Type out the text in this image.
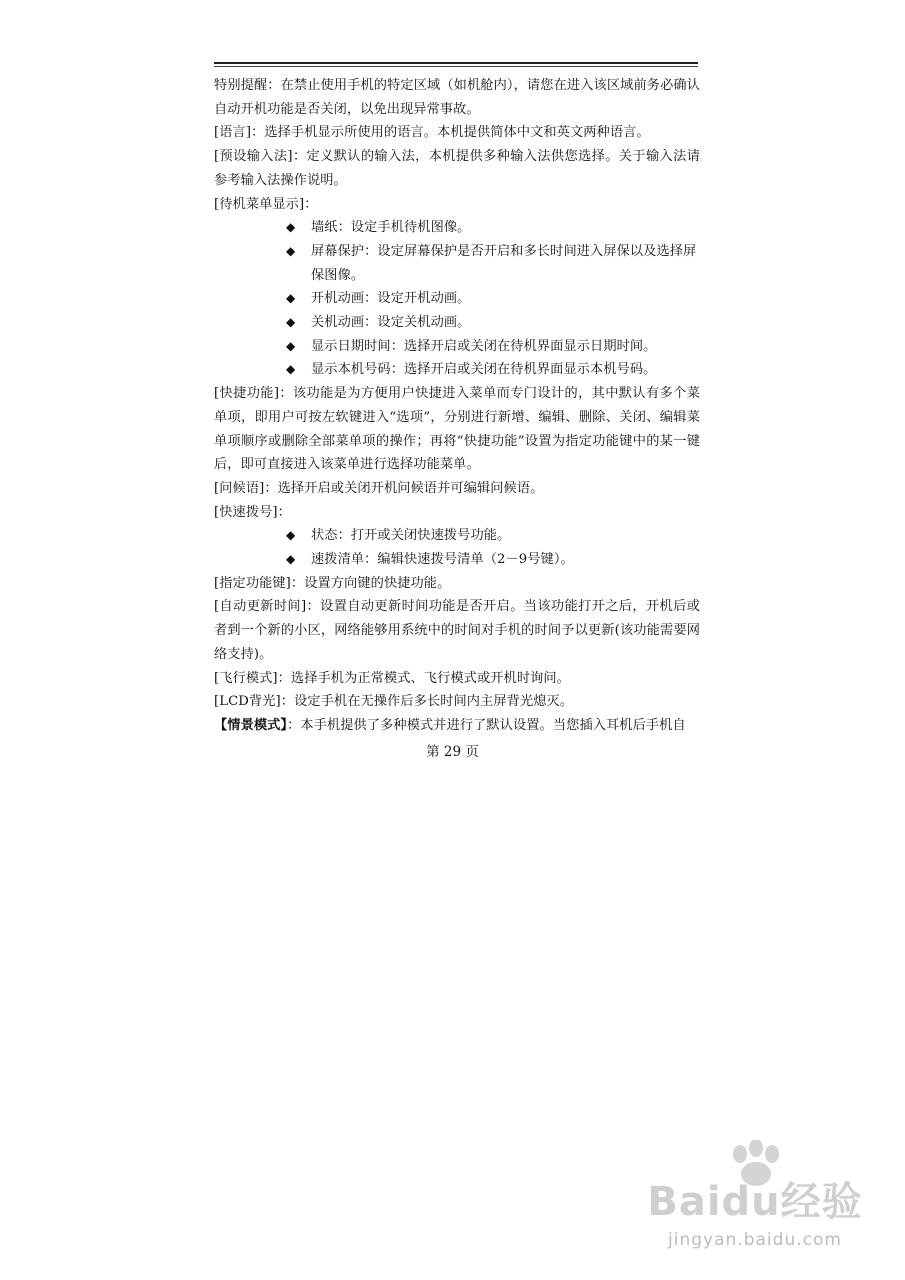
特别提醒：在禁止使用手机的特定区域（如机舱内），请您在进入该区域前务必确认自动开机功能是否关闭，以免出现异常事故。

[语言]：选择手机显示所使用的语言。本机提供简体中文和英文两种语言。

[预设输入法]：定义默认的输入法，本机提供多种输入法供您选择。关于输入法请参考输入法操作说明。

[待机菜单显示]：

◆ 墙纸：设定手机待机图像。

◆ 屏幕保护：设定屏幕保护是否开启和多长时间进入屏保以及选择屏保图像。

◆ 开机动画：设定开机动画。

◆ 关机动画：设定关机动画。

◆ 显示日期时间：选择开启或关闭在待机界面显示日期时间。

◆ 显示本机号码：选择开启或关闭在待机界面显示本机号码。

[快捷功能]：该功能是为方便用户快捷进入菜单而专门设计的，其中默认有多个菜单项，即用户可按左软键进入“选项”，分别进行新增、编辑、删除、关闭、编辑菜单项顺序或删除全部菜单项的操作；再将“快捷功能”设置为指定功能键中的某一键后，即可直接进入该菜单进行选择功能菜单。

[问候语]：选择开启或关闭开机问候语并可编辑问候语。

[快速拨号]：

◆ 状态：打开或关闭快速拨号功能。

◆ 速拨清单：编辑快速拨号清单（2－9号键）。

[指定功能键]：设置方向键的快捷功能。

[自动更新时间]：设置自动更新时间功能是否开启。当该功能打开之后，开机后或者到一个新的小区，网络能够用系统中的时间对手机的时间予以更新(该功能需要网络支持)。

[飞行模式]：选择手机为正常模式、飞行模式或开机时询问。

[LCD背光]：设定手机在无操作后多长时间内主屏背光熄灭。

【情景模式】：本手机提供了多种模式并进行了默认设置。当您插入耳机后手机自

第 29 页
Baidu经验
jingyan.baidu.com
